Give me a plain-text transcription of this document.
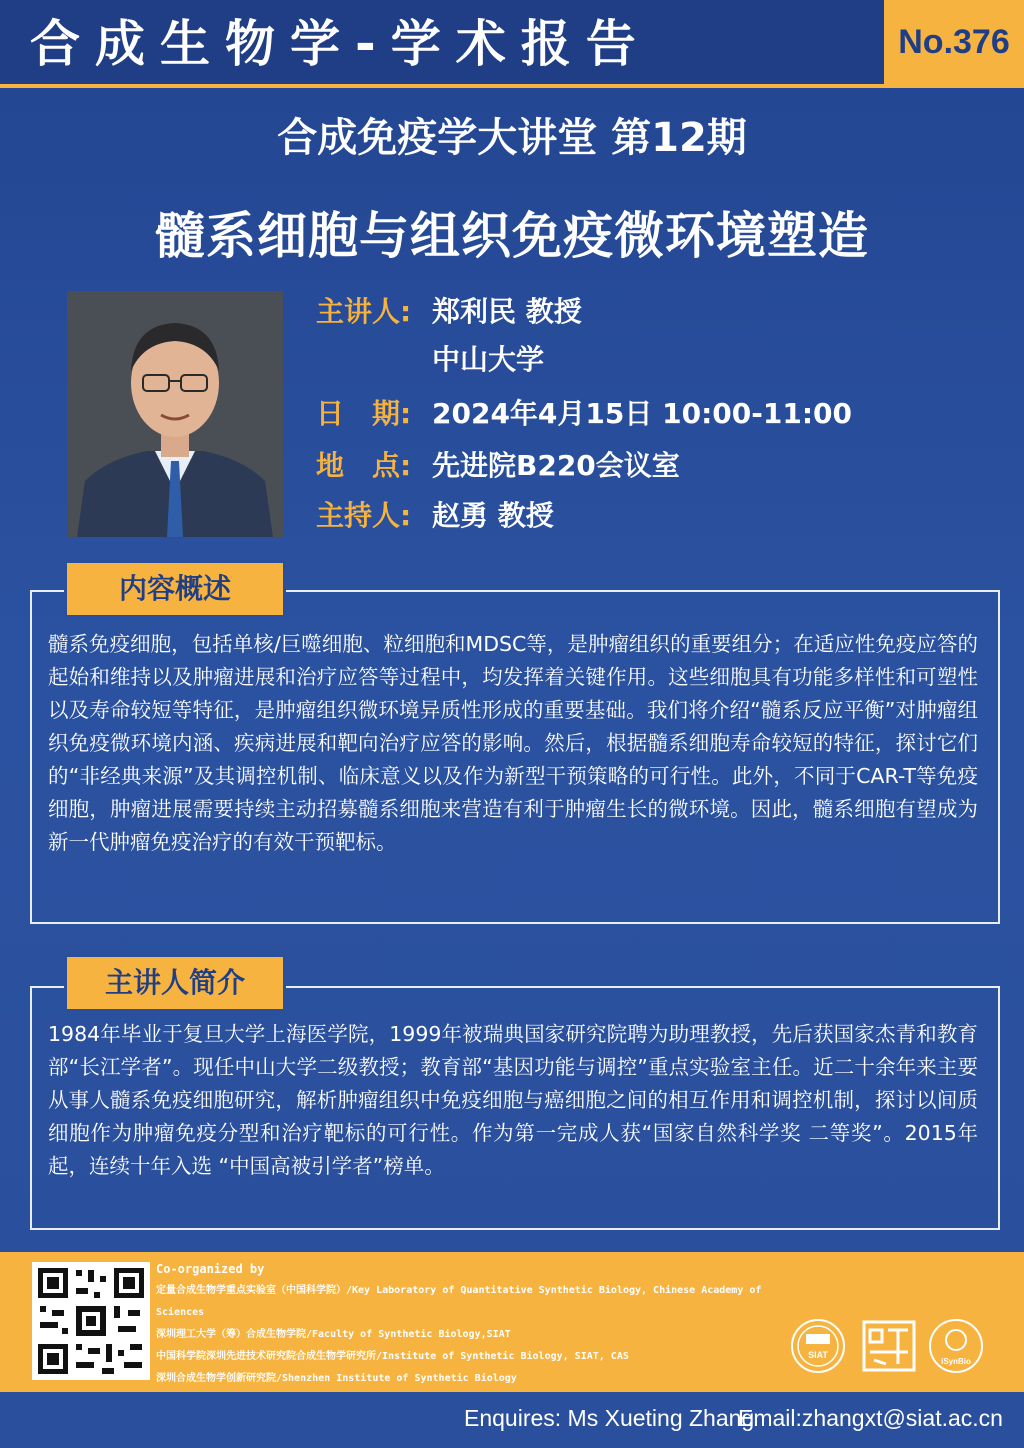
合成生物学-学术报告	No.376
合成免疫学大讲堂 第12期
髓系细胞与组织免疫微环境塑造
主讲人: 郑利民 教授
中山大学
日　期: 2024年4月15日 10:00-11:00
地　点: 先进院B220会议室
主持人: 赵勇 教授
内容概述
髓系免疫细胞，包括单核/巨噬细胞、粒细胞和MDSC等，是肿瘤组织的重要组分；在适应性免疫应答的起始和维持以及肿瘤进展和治疗应答等过程中，均发挥着关键作用。这些细胞具有功能多样性和可塑性以及寿命较短等特征，是肿瘤组织微环境异质性形成的重要基础。我们将介绍“髓系反应平衡”对肿瘤组织免疫微环境内涵、疾病进展和靶向治疗应答的影响。然后，根据髓系细胞寿命较短的特征，探讨它们的“非经典来源”及其调控机制、临床意义以及作为新型干预策略的可行性。此外，不同于CAR-T等免疫细胞，肿瘤进展需要持续主动招募髓系细胞来营造有利于肿瘤生长的微环境。因此，髓系细胞有望成为新一代肿瘤免疫治疗的有效干预靶标。
主讲人简介
1984年毕业于复旦大学上海医学院，1999年被瑞典国家研究院聘为助理教授，先后获国家杰青和教育部“长江学者”。现任中山大学二级教授；教育部“基因功能与调控”重点实验室主任。近二十余年来主要从事人髓系免疫细胞研究，解析肿瘤组织中免疫细胞与癌细胞之间的相互作用和调控机制，探讨以间质细胞作为肿瘤免疫分型和治疗靶标的可行性。作为第一完成人获“国家自然科学奖 二等奖”。2015年起，连续十年入选 “中国高被引学者”榜单。
Co-organized by
定量合成生物学重点实验室（中国科学院）/Key Laboratory of Quantitative Synthetic Biology, Chinese Academy of Sciences
深圳理工大学（筹）合成生物学院/Faculty of Synthetic Biology,SIAT
中国科学院深圳先进技术研究院合成生物学研究所/Institute of Synthetic Biology, SIAT, CAS
深圳合成生物学创新研究院/Shenzhen Institute of Synthetic Biology
SIAT
iSynBio
Enquires: Ms Xueting Zhang
Email:zhangxt@siat.ac.cn
